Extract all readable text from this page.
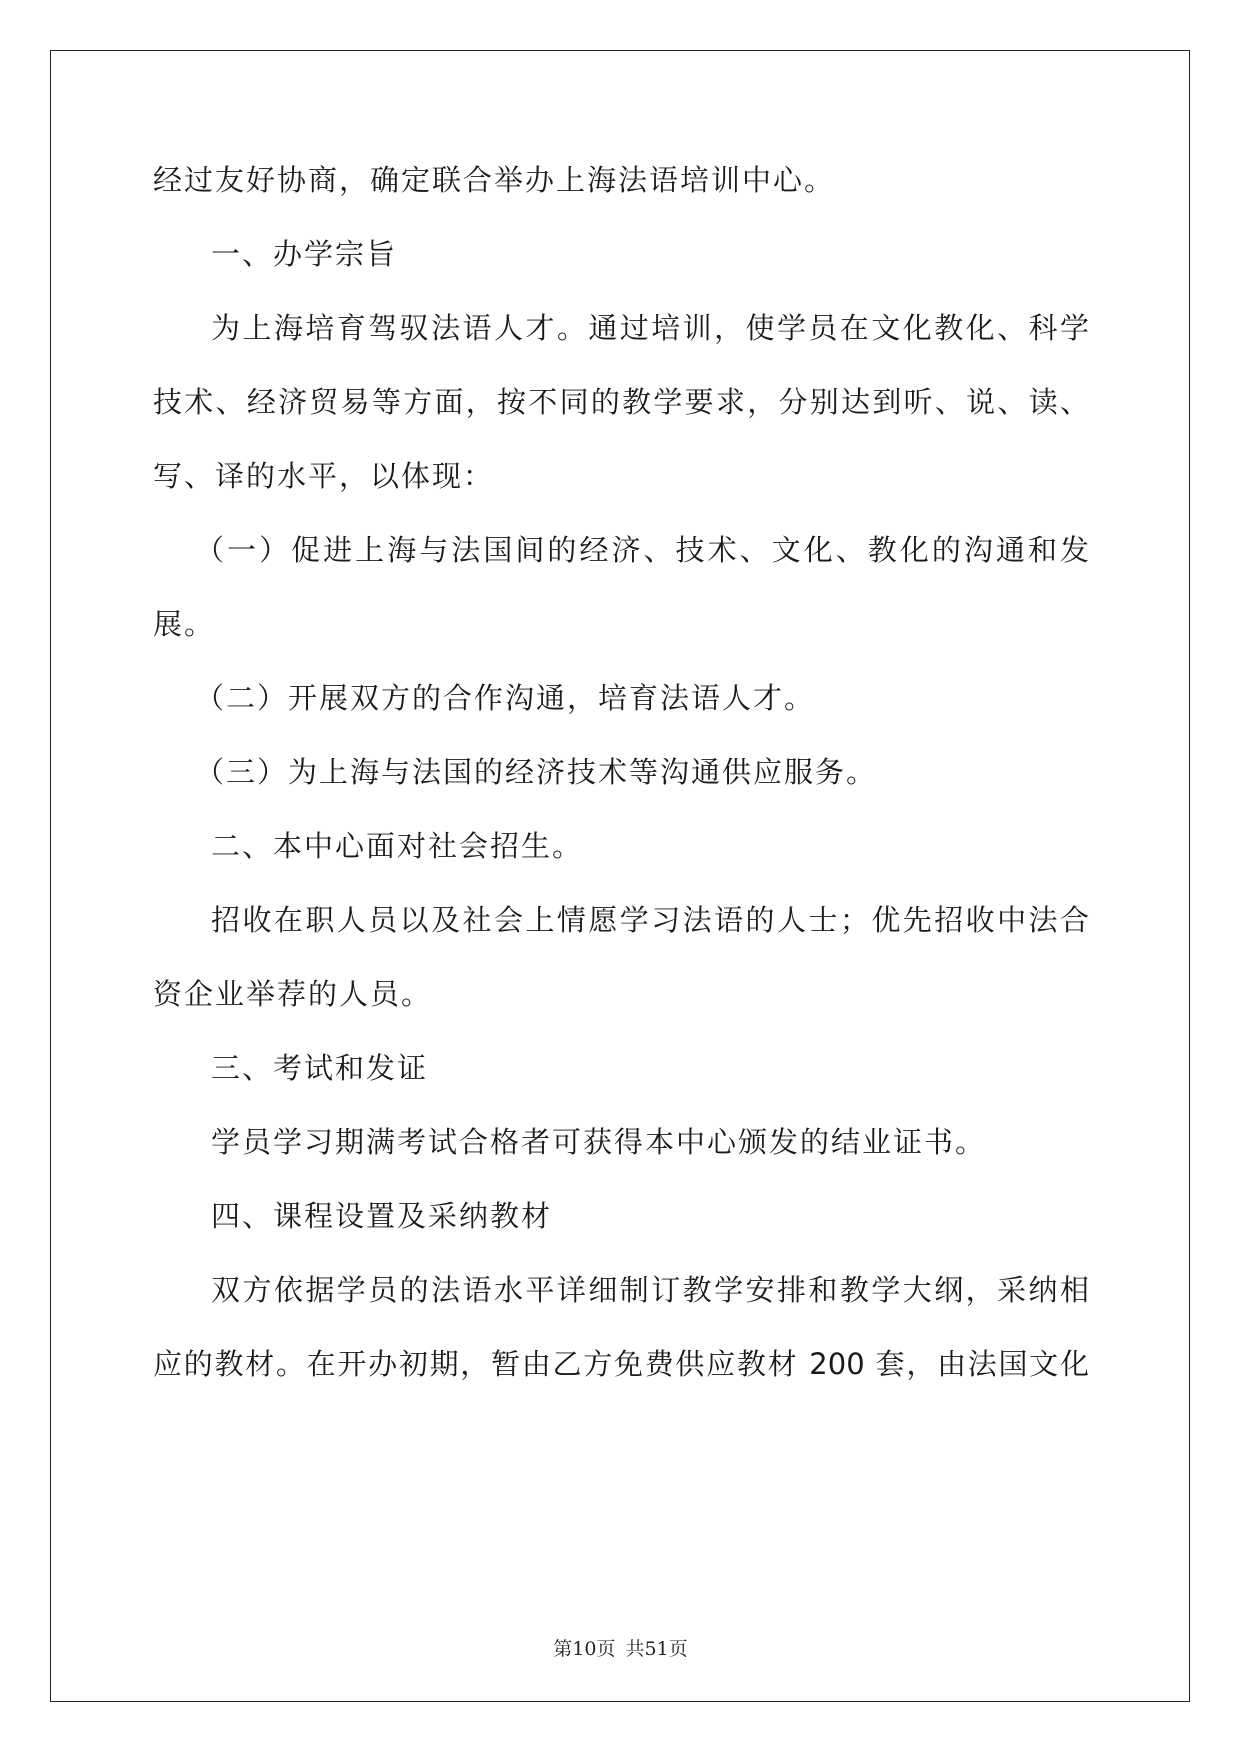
经过友好协商，确定联合举办上海法语培训中心。
一、办学宗旨
为上海培育驾驭法语人才。通过培训，使学员在文化教化、科学
技术、经济贸易等方面，按不同的教学要求，分别达到听、说、读、
写、译的水平，以体现：
（一）促进上海与法国间的经济、技术、文化、教化的沟通和发
展。
（二）开展双方的合作沟通，培育法语人才。
（三）为上海与法国的经济技术等沟通供应服务。
二、本中心面对社会招生。
招收在职人员以及社会上情愿学习法语的人士；优先招收中法合
资企业举荐的人员。
三、考试和发证
学员学习期满考试合格者可获得本中心颁发的结业证书。
四、课程设置及采纳教材
双方依据学员的法语水平详细制订教学安排和教学大纲，采纳相
应的教材。在开办初期，暂由乙方免费供应教材 200 套，由法国文化
第10页 共51页
